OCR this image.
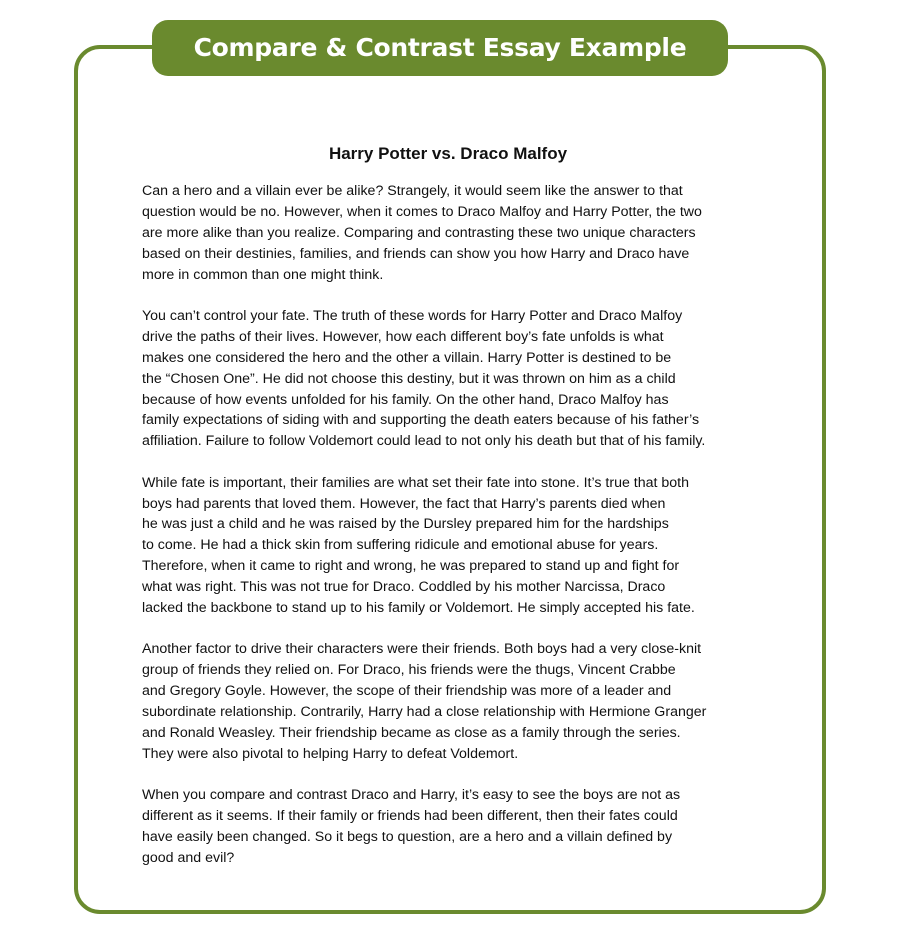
Compare & Contrast Essay Example
Harry Potter vs. Draco Malfoy
Can a hero and a villain ever be alike? Strangely, it would seem like the answer to that
question would be no. However, when it comes to Draco Malfoy and Harry Potter, the two
are more alike than you realize. Comparing and contrasting these two unique characters
based on their destinies, families, and friends can show you how Harry and Draco have
more in common than one might think.
You can’t control your fate. The truth of these words for Harry Potter and Draco Malfoy
drive the paths of their lives. However, how each different boy’s fate unfolds is what
makes one considered the hero and the other a villain. Harry Potter is destined to be
the “Chosen One”. He did not choose this destiny, but it was thrown on him as a child
because of how events unfolded for his family. On the other hand, Draco Malfoy has
family expectations of siding with and supporting the death eaters because of his father’s
affiliation. Failure to follow Voldemort could lead to not only his death but that of his family.
While fate is important, their families are what set their fate into stone. It’s true that both
boys had parents that loved them. However, the fact that Harry’s parents died when
he was just a child and he was raised by the Dursley prepared him for the hardships
to come. He had a thick skin from suffering ridicule and emotional abuse for years.
Therefore, when it came to right and wrong, he was prepared to stand up and fight for
what was right. This was not true for Draco. Coddled by his mother Narcissa, Draco
lacked the backbone to stand up to his family or Voldemort. He simply accepted his fate.
Another factor to drive their characters were their friends. Both boys had a very close-knit
group of friends they relied on. For Draco, his friends were the thugs, Vincent Crabbe
and Gregory Goyle. However, the scope of their friendship was more of a leader and
subordinate relationship. Contrarily, Harry had a close relationship with Hermione Granger
and Ronald Weasley. Their friendship became as close as a family through the series.
They were also pivotal to helping Harry to defeat Voldemort.
When you compare and contrast Draco and Harry, it’s easy to see the boys are not as
different as it seems. If their family or friends had been different, then their fates could
have easily been changed. So it begs to question, are a hero and a villain defined by
good and evil?
